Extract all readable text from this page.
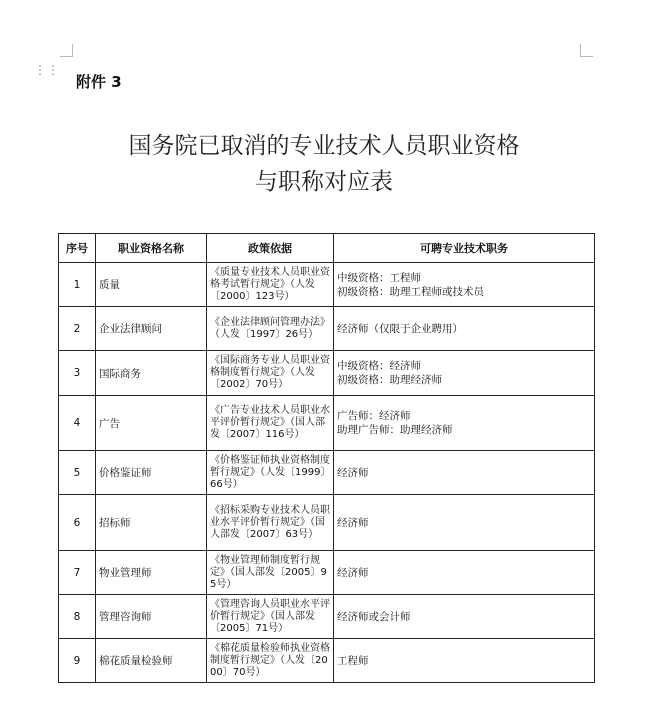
⋮⋮
附件 3
国务院已取消的专业技术人员职业资格
与职称对应表
序号	职业资格名称	政策依据	可聘专业技术职务
1	质量	《质量专业技术人员职业资格考试暂行规定》（人发〔2000〕123号）	中级资格：工程师
初级资格：助理工程师或技术员
2	企业法律顾问	《企业法律顾问管理办法》（人发〔1997〕26号）	经济师（仅限于企业聘用）
3	国际商务	《国际商务专业人员职业资格制度暂行规定》（人发〔2002〕70号）	中级资格：经济师
初级资格：助理经济师
4	广告	《广告专业技术人员职业水平评价暂行规定》（国人部发〔2007〕116号）	广告师：经济师
助理广告师：助理经济师
5	价格鉴证师	《价格鉴证师执业资格制度暂行规定》（人发〔1999〕66号）	经济师
6	招标师	《招标采购专业技术人员职业水平评价暂行规定》（国人部发〔2007〕63号）	经济师
7	物业管理师	《物业管理师制度暂行规定》（国人部发〔2005〕95号）	经济师
8	管理咨询师	《管理咨询人员职业水平评价暂行规定》（国人部发〔2005〕71号）	经济师或会计师
9	棉花质量检验师	《棉花质量检验师执业资格制度暂行规定》（人发〔2000〕70号）	工程师
